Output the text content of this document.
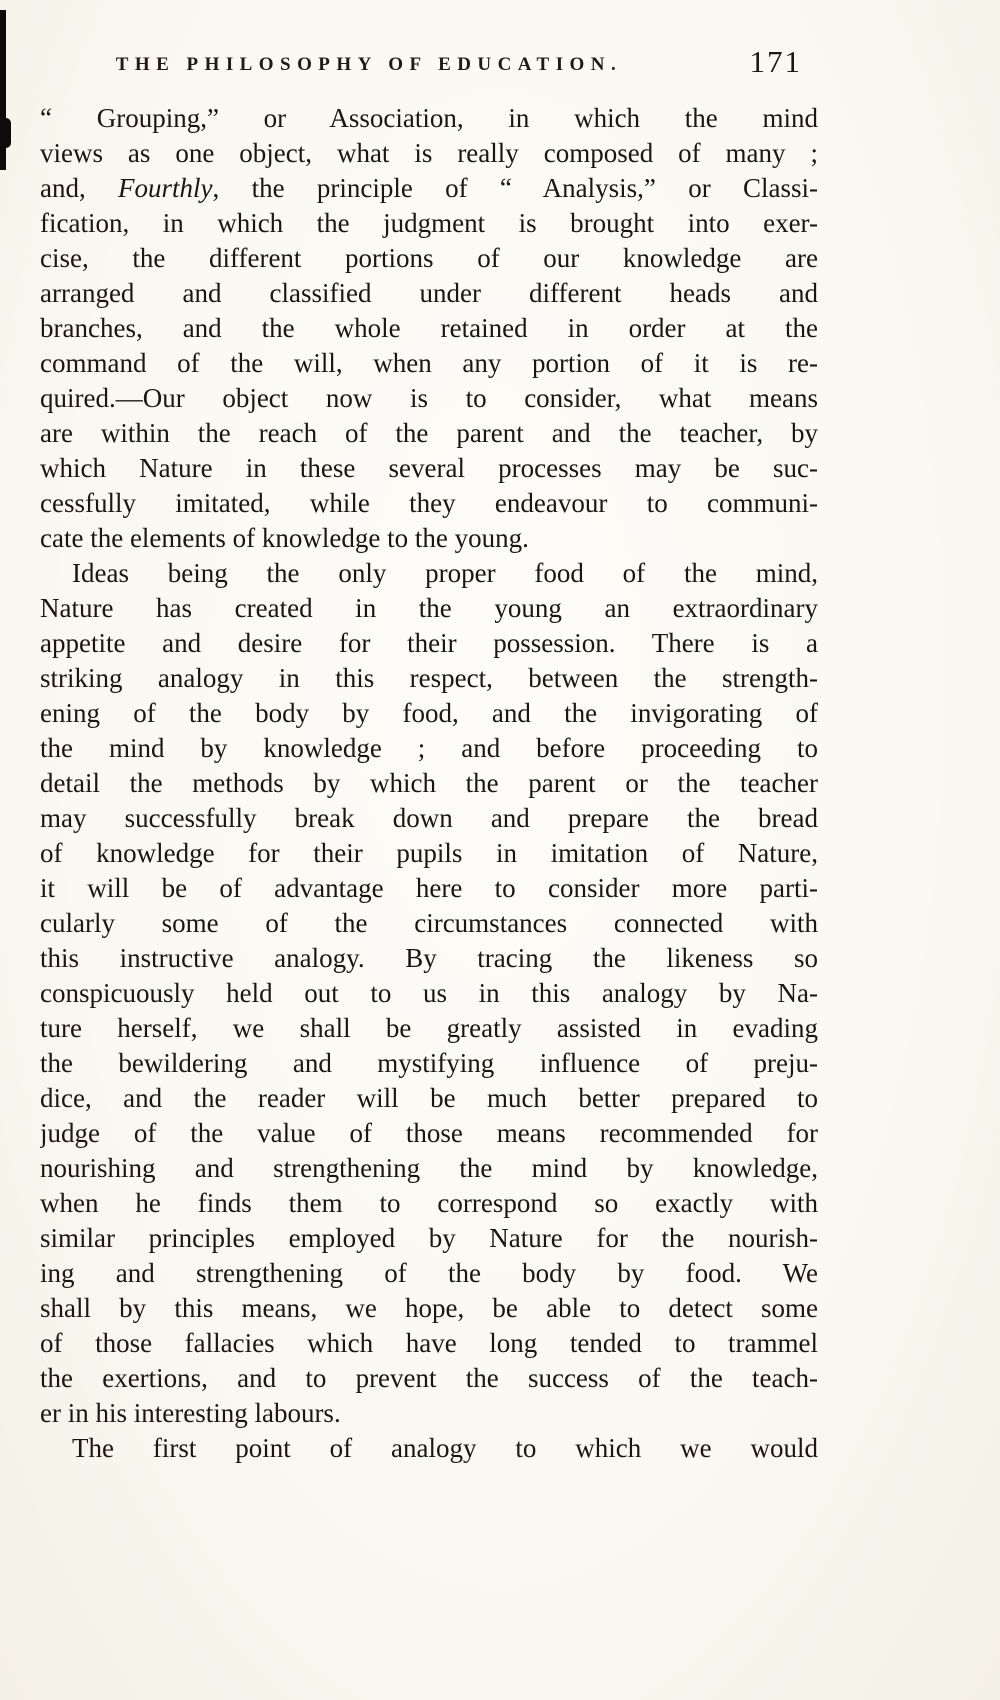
THE PHILOSOPHY OF EDUCATION.	171
“ Grouping,” or Association, in which the mind
views as one object, what is really composed of many ;
and, Fourthly, the principle of “ Analysis,” or Classi-
fication, in which the judgment is brought into exer-
cise, the different portions of our knowledge are
arranged and classified under different heads and
branches, and the whole retained in order at the
command of the will, when any portion of it is re-
quired.—Our object now is to consider, what means
are within the reach of the parent and the teacher, by
which Nature in these several processes may be suc-
cessfully imitated, while they endeavour to communi-
cate the elements of knowledge to the young.
Ideas being the only proper food of the mind,
Nature has created in the young an extraordinary
appetite and desire for their possession. There is a
striking analogy in this respect, between the strength-
ening of the body by food, and the invigorating of
the mind by knowledge ; and before proceeding to
detail the methods by which the parent or the teacher
may successfully break down and prepare the bread
of knowledge for their pupils in imitation of Nature,
it will be of advantage here to consider more parti-
cularly some of the circumstances connected with
this instructive analogy. By tracing the likeness so
conspicuously held out to us in this analogy by Na-
ture herself, we shall be greatly assisted in evading
the bewildering and mystifying influence of preju-
dice, and the reader will be much better prepared to
judge of the value of those means recommended for
nourishing and strengthening the mind by knowledge,
when he finds them to correspond so exactly with
similar principles employed by Nature for the nourish-
ing and strengthening of the body by food. We
shall by this means, we hope, be able to detect some
of those fallacies which have long tended to trammel
the exertions, and to prevent the success of the teach-
er in his interesting labours.
The first point of analogy to which we would
